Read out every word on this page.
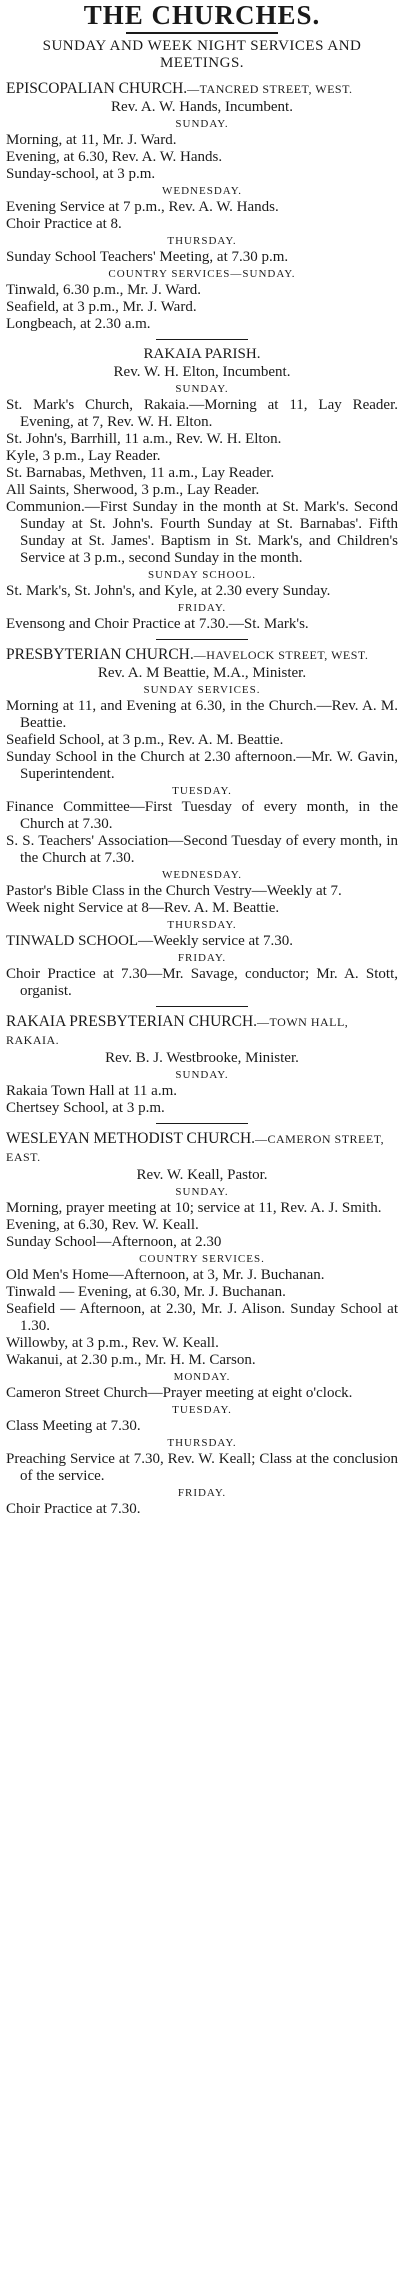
THE CHURCHES.
SUNDAY AND WEEK NIGHT SERVICES AND MEETINGS.
EPISCOPALIAN CHURCH.—TANCRED STREET, WEST.
Rev. A. W. Hands, Incumbent.
SUNDAY.
Morning, at 11, Mr. J. Ward.
Evening, at 6.30, Rev. A. W. Hands.
Sunday-school, at 3 p.m.
WEDNESDAY.
Evening Service at 7 p.m., Rev. A. W. Hands.
Choir Practice at 8.
THURSDAY.
Sunday School Teachers' Meeting, at 7.30 p.m.
COUNTRY SERVICES—SUNDAY.
Tinwald, 6.30 p.m., Mr. J. Ward.
Seafield, at 3 p.m., Mr. J. Ward.
Longbeach, at 2.30 a.m.
RAKAIA PARISH.
Rev. W. H. Elton, Incumbent.
SUNDAY.
St. Mark's Church, Rakaia.—Morning at 11, Lay Reader. Evening, at 7, Rev. W. H. Elton.
St. John's, Barrhill, 11 a.m., Rev. W. H. Elton.
Kyle, 3 p.m., Lay Reader.
St. Barnabas, Methven, 11 a.m., Lay Reader.
All Saints, Sherwood, 3 p.m., Lay Reader.
Communion.—First Sunday in the month at St. Mark's. Second Sunday at St. John's. Fourth Sunday at St. Barnabas'. Fifth Sunday at St. James'. Baptism in St. Mark's, and Children's Service at 3 p.m., second Sunday in the month.
SUNDAY SCHOOL.
St. Mark's, St. John's, and Kyle, at 2.30 every Sunday.
FRIDAY.
Evensong and Choir Practice at 7.30.—St. Mark's.
PRESBYTERIAN CHURCH.—HAVELOCK STREET, WEST.
Rev. A. M Beattie, M.A., Minister.
SUNDAY SERVICES.
Morning at 11, and Evening at 6.30, in the Church.—Rev. A. M. Beattie.
Seafield School, at 3 p.m., Rev. A. M. Beattie.
Sunday School in the Church at 2.30 afternoon.—Mr. W. Gavin, Superintendent.
TUESDAY.
Finance Committee—First Tuesday of every month, in the Church at 7.30.
S. S. Teachers' Association—Second Tuesday of every month, in the Church at 7.30.
WEDNESDAY.
Pastor's Bible Class in the Church Vestry—Weekly at 7.
Week night Service at 8—Rev. A. M. Beattie.
THURSDAY.
TINWALD SCHOOL—Weekly service at 7.30.
FRIDAY.
Choir Practice at 7.30—Mr. Savage, conductor; Mr. A. Stott, organist.
RAKAIA PRESBYTERIAN CHURCH.—TOWN HALL, RAKAIA.
Rev. B. J. Westbrooke, Minister.
SUNDAY.
Rakaia Town Hall at 11 a.m.
Chertsey School, at 3 p.m.
WESLEYAN METHODIST CHURCH.—CAMERON STREET, EAST.
Rev. W. Keall, Pastor.
SUNDAY.
Morning, prayer meeting at 10; service at 11, Rev. A. J. Smith.
Evening, at 6.30, Rev. W. Keall.
Sunday School—Afternoon, at 2.30
COUNTRY SERVICES.
Old Men's Home—Afternoon, at 3, Mr. J. Buchanan.
Tinwald — Evening, at 6.30, Mr. J. Buchanan.
Seafield — Afternoon, at 2.30, Mr. J. Alison. Sunday School at 1.30.
Willowby, at 3 p.m., Rev. W. Keall.
Wakanui, at 2.30 p.m., Mr. H. M. Carson.
MONDAY.
Cameron Street Church—Prayer meeting at eight o'clock.
TUESDAY.
Class Meeting at 7.30.
THURSDAY.
Preaching Service at 7.30, Rev. W. Keall; Class at the conclusion of the service.
FRIDAY.
Choir Practice at 7.30.
